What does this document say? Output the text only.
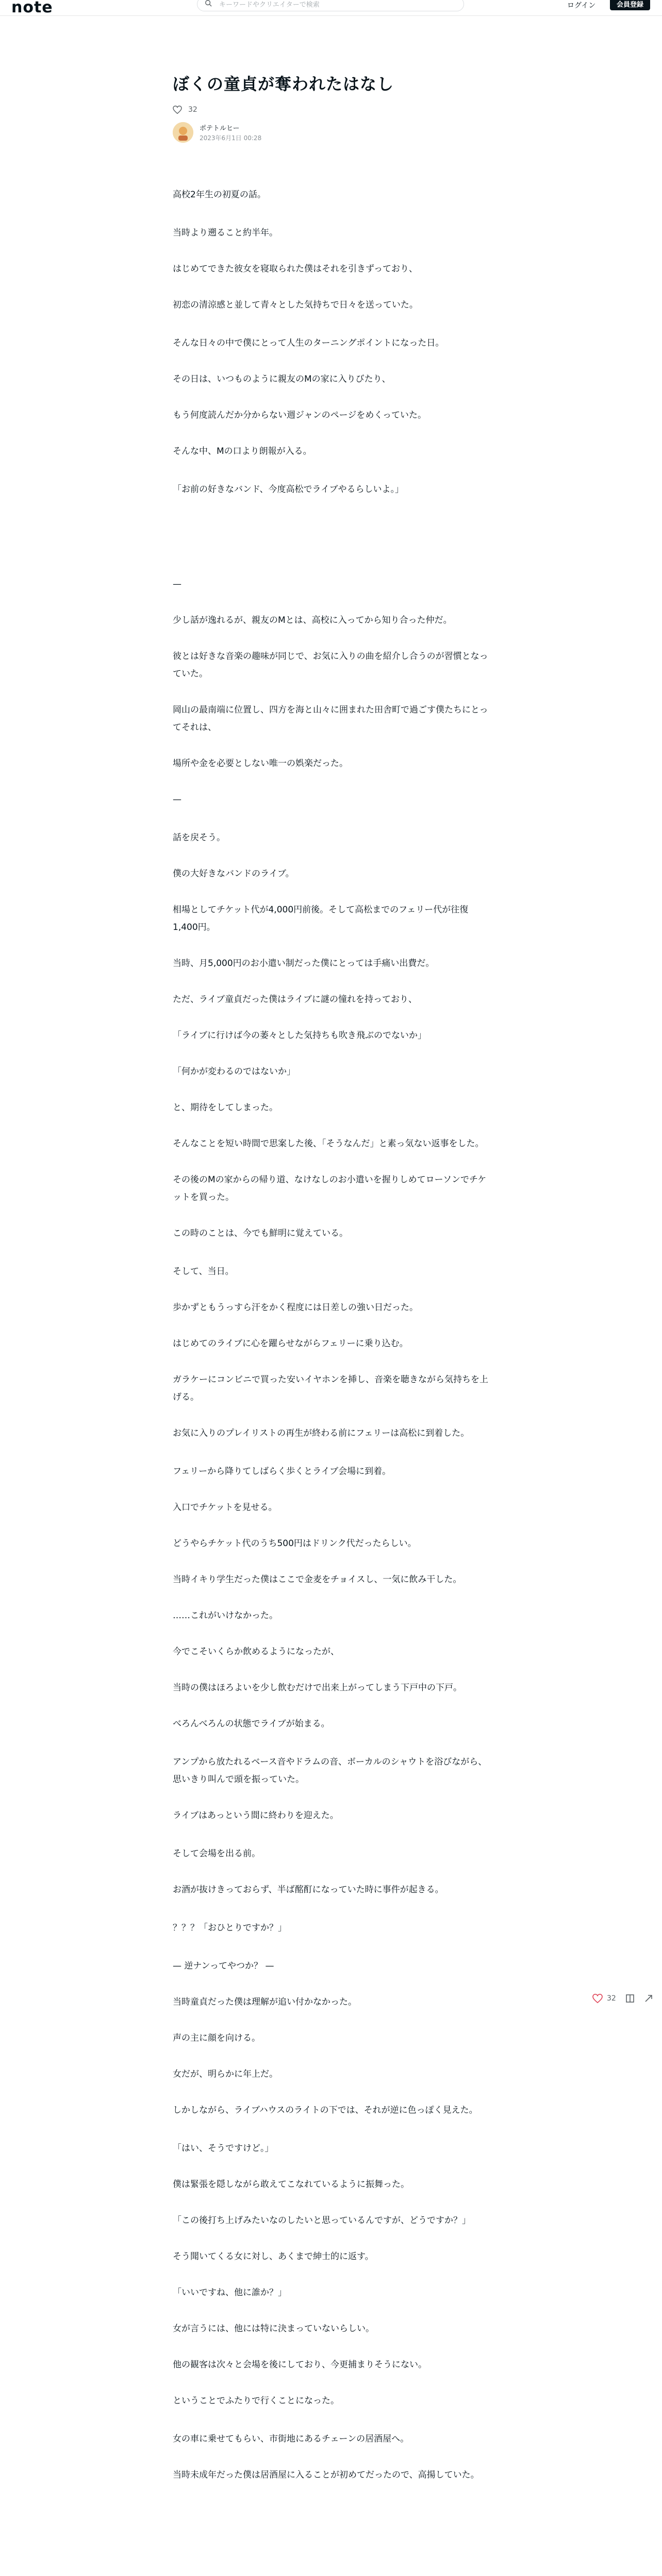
note
キーワードやクリエイターで検索	ログイン	会員登録
ぼくの童貞が奪われたはなし
32
ポテトルヒー
2023年6月1日 00:28

高校2年生の初夏の話。

当時より遡ること約半年。

はじめてできた彼女を寝取られた僕はそれを引きずっており、

初恋の清涼感と並して青々とした気持ちで日々を送っていた。

そんな日々の中で僕にとって人生のターニングポイントになった日。

その日は、いつものように親友のMの家に入りびたり、

もう何度読んだか分からない週ジャンのページをめくっていた。

そんな中、Mの口より朗報が入る。

「お前の好きなバンド、今度高松でライブやるらしいよ。」

—

少し話が逸れるが、親友のMとは、高校に入ってから知り合った仲だ。

彼とは好きな音楽の趣味が同じで、お気に入りの曲を紹介し合うのが習慣となっていた。

岡山の最南端に位置し、四方を海と山々に囲まれた田舎町で過ごす僕たちにとってそれは、

場所や金を必要としない唯一の娯楽だった。

—

話を戻そう。

僕の大好きなバンドのライブ。

相場としてチケット代が4,000円前後。そして高松までのフェリー代が往復1,400円。

当時、月5,000円のお小遣い制だった僕にとっては手痛い出費だ。

ただ、ライブ童貞だった僕はライブに謎の憧れを持っており、

「ライブに行けば今の萎々とした気持ちも吹き飛ぶのでないか」

「何かが変わるのではないか」

と、期待をしてしまった。

そんなことを短い時間で思案した後、「そうなんだ」と素っ気ない返事をした。

その後のMの家からの帰り道、なけなしのお小遣いを握りしめてローソンでチケットを買った。

この時のことは、今でも鮮明に覚えている。

そして、当日。

歩かずともうっすら汗をかく程度には日差しの強い日だった。

はじめてのライブに心を躍らせながらフェリーに乗り込む。

ガラケーにコンビニで買った安いイヤホンを挿し、音楽を聴きながら気持ちを上げる。

お気に入りのプレイリストの再生が終わる前にフェリーは高松に到着した。

フェリーから降りてしばらく歩くとライブ会場に到着。

入口でチケットを見せる。

どうやらチケット代のうち500円はドリンク代だったらしい。

当時イキり学生だった僕はここで金麦をチョイスし、一気に飲み干した。

……これがいけなかった。

今でこそいくらか飲めるようになったが、

当時の僕はほろよいを少し飲むだけで出来上がってしまう下戸中の下戸。

べろんべろんの状態でライブが始まる。

アンプから放たれるベース音やドラムの音、ボーカルのシャウトを浴びながら、思いきり叫んで頭を振っていた。

ライブはあっという間に終わりを迎えた。

そして会場を出る前。

お酒が抜けきっておらず、半ば酩酊になっていた時に事件が起きる。

？？？「おひとりですか？」

— 逆ナンってやつか？ —

当時童貞だった僕は理解が追い付かなかった。

声の主に顔を向ける。

女だが、明らかに年上だ。

しかしながら、ライブハウスのライトの下では、それが逆に色っぽく見えた。

「はい、そうですけど。」

僕は緊張を隠しながら敢えてこなれているように振舞った。

「この後打ち上げみたいなのしたいと思っているんですが、どうですか？」

そう聞いてくる女に対し、あくまで紳士的に返す。

「いいですね、他に誰か？」

女が言うには、他には特に決まっていないらしい。

他の観客は次々と会場を後にしており、今更捕まりそうにない。

ということでふたりで行くことになった。

女の車に乗せてもらい、市街地にあるチェーンの居酒屋へ。

当時未成年だった僕は居酒屋に入ることが初めてだったので、高揚していた。

32
